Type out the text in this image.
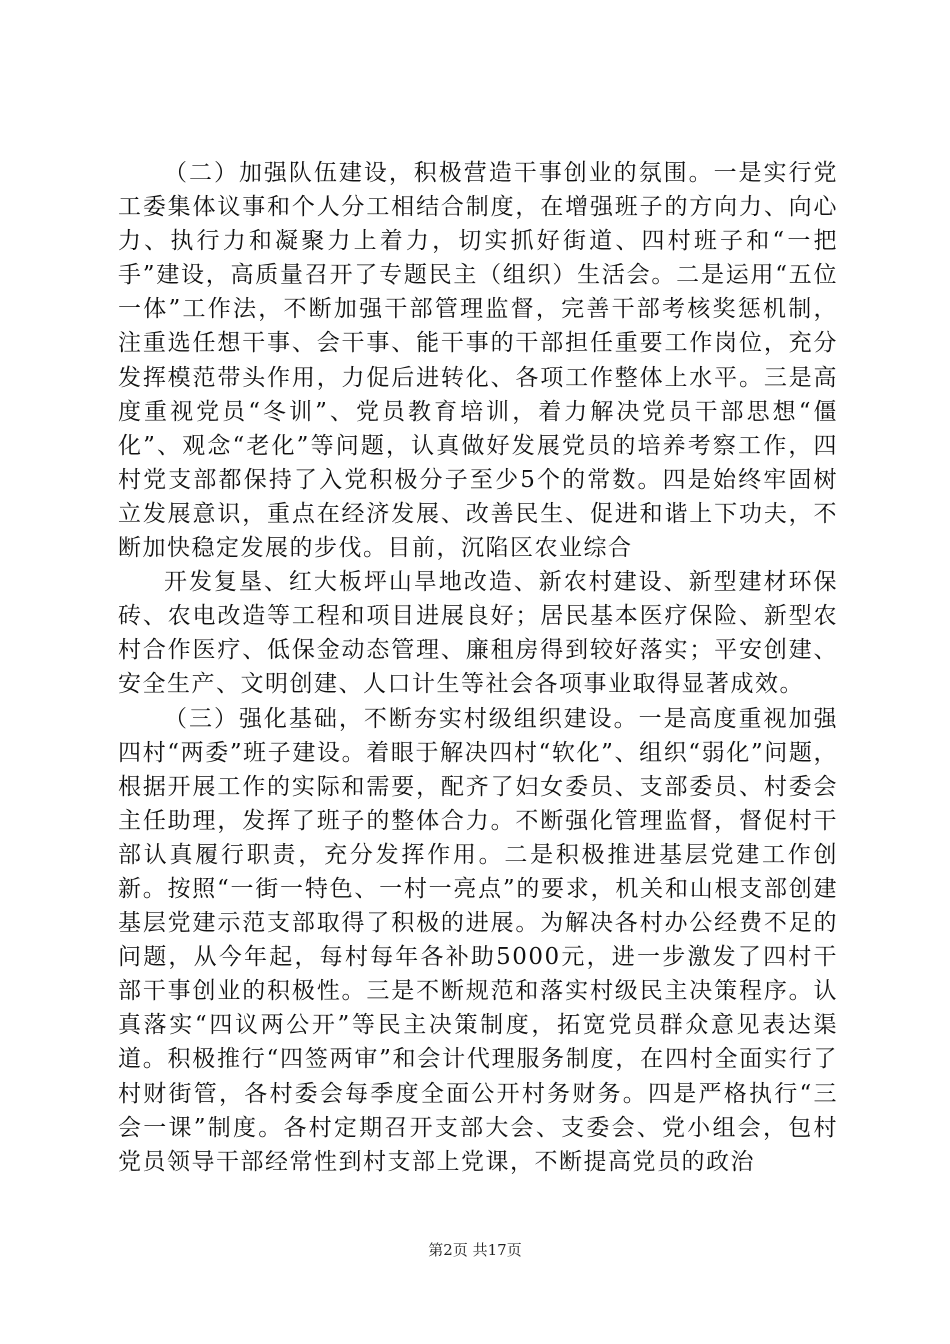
（二）加强队伍建设，积极营造干事创业的氛围。一是实行党工委集体议事和个人分工相结合制度，在增强班子的方向力、向心力、执行力和凝聚力上着力，切实抓好街道、四村班子和“一把手”建设，高质量召开了专题民主（组织）生活会。二是运用“五位一体”工作法，不断加强干部管理监督，完善干部考核奖惩机制，注重选任想干事、会干事、能干事的干部担任重要工作岗位，充分发挥模范带头作用，力促后进转化、各项工作整体上水平。三是高度重视党员“冬训”、党员教育培训，着力解决党员干部思想“僵化”、观念“老化”等问题，认真做好发展党员的培养考察工作，四村党支部都保持了入党积极分子至少5个的常数。四是始终牢固树立发展意识，重点在经济发展、改善民生、促进和谐上下功夫，不断加快稳定发展的步伐。目前，沉陷区农业综合

开发复垦、红大板坪山旱地改造、新农村建设、新型建材环保砖、农电改造等工程和项目进展良好；居民基本医疗保险、新型农村合作医疗、低保金动态管理、廉租房得到较好落实；平安创建、安全生产、文明创建、人口计生等社会各项事业取得显著成效。

（三）强化基础，不断夯实村级组织建设。一是高度重视加强四村“两委”班子建设。着眼于解决四村“软化”、组织“弱化”问题，根据开展工作的实际和需要，配齐了妇女委员、支部委员、村委会主任助理，发挥了班子的整体合力。不断强化管理监督，督促村干部认真履行职责，充分发挥作用。二是积极推进基层党建工作创新。按照“一街一特色、一村一亮点”的要求，机关和山根支部创建基层党建示范支部取得了积极的进展。为解决各村办公经费不足的问题，从今年起，每村每年各补助5000元，进一步激发了四村干部干事创业的积极性。三是不断规范和落实村级民主决策程序。认真落实“四议两公开”等民主决策制度，拓宽党员群众意见表达渠道。积极推行“四签两审”和会计代理服务制度，在四村全面实行了村财街管，各村委会每季度全面公开村务财务。四是严格执行“三会一课”制度。各村定期召开支部大会、支委会、党小组会，包村党员领导干部经常性到村支部上党课，不断提高党员的政治

第2页 共17页
